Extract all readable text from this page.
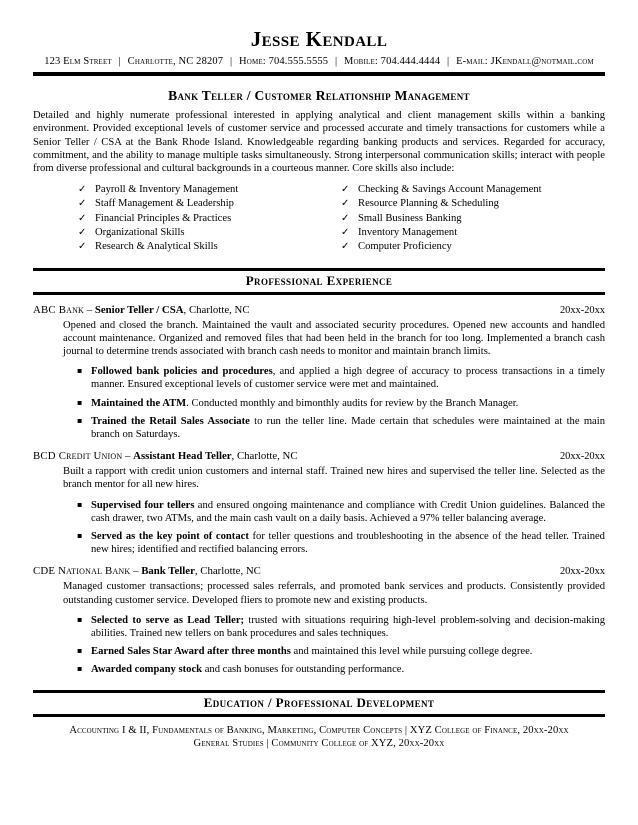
Jesse Kendall
123 Elm Street | Charlotte, NC 28207 | Home: 704.555.5555 | Mobile: 704.444.4444 | E-mail: JKendall@notmail.com
Bank Teller / Customer Relationship Management

Detailed and highly numerate professional interested in applying analytical and client management skills within a banking environment. Provided exceptional levels of customer service and processed accurate and timely transactions for customers while a Senior Teller / CSA at the Bank Rhode Island. Knowledgeable regarding banking products and services. Regarded for accuracy, commitment, and the ability to manage multiple tasks simultaneously. Strong interpersonal communication skills; interact with people from diverse professional and cultural backgrounds in a courteous manner. Core skills also include:

✓ Payroll & Inventory Management
✓ Staff Management & Leadership
✓ Financial Principles & Practices
✓ Organizational Skills
✓ Research & Analytical Skills
✓ Checking & Savings Account Management
✓ Resource Planning & Scheduling
✓ Small Business Banking
✓ Inventory Management
✓ Computer Proficiency
Professional Experience
ABC Bank – Senior Teller / CSA, Charlotte, NC	20xx-20xx

Opened and closed the branch. Maintained the vault and associated security procedures. Opened new accounts and handled account maintenance. Organized and removed files that had been held in the branch for too long. Implemented a branch cash journal to determine trends associated with branch cash needs to monitor and maintain branch limits.

▪ Followed bank policies and procedures, and applied a high degree of accuracy to process transactions in a timely manner. Ensured exceptional levels of customer service were met and maintained.
▪ Maintained the ATM. Conducted monthly and bimonthly audits for review by the Branch Manager.
▪ Trained the Retail Sales Associate to run the teller line. Made certain that schedules were maintained at the main branch on Saturdays.
BCD Credit Union – Assistant Head Teller, Charlotte, NC	20xx-20xx

Built a rapport with credit union customers and internal staff. Trained new hires and supervised the teller line. Selected as the branch mentor for all new hires.

▪ Supervised four tellers and ensured ongoing maintenance and compliance with Credit Union guidelines. Balanced the cash drawer, two ATMs, and the main cash vault on a daily basis. Achieved a 97% teller balancing average.
▪ Served as the key point of contact for teller questions and troubleshooting in the absence of the head teller. Trained new hires; identified and rectified balancing errors.
CDE National Bank – Bank Teller, Charlotte, NC	20xx-20xx

Managed customer transactions; processed sales referrals, and promoted bank services and products. Consistently provided outstanding customer service. Developed fliers to promote new and existing products.

▪ Selected to serve as Lead Teller; trusted with situations requiring high-level problem-solving and decision-making abilities. Trained new tellers on bank procedures and sales techniques.
▪ Earned Sales Star Award after three months and maintained this level while pursuing college degree.
▪ Awarded company stock and cash bonuses for outstanding performance.
Education / Professional Development
Accounting I & II, Fundamentals of Banking, Marketing, Computer Concepts | XYZ College of Finance, 20xx-20xx
General Studies | Community College of XYZ, 20xx-20xx
